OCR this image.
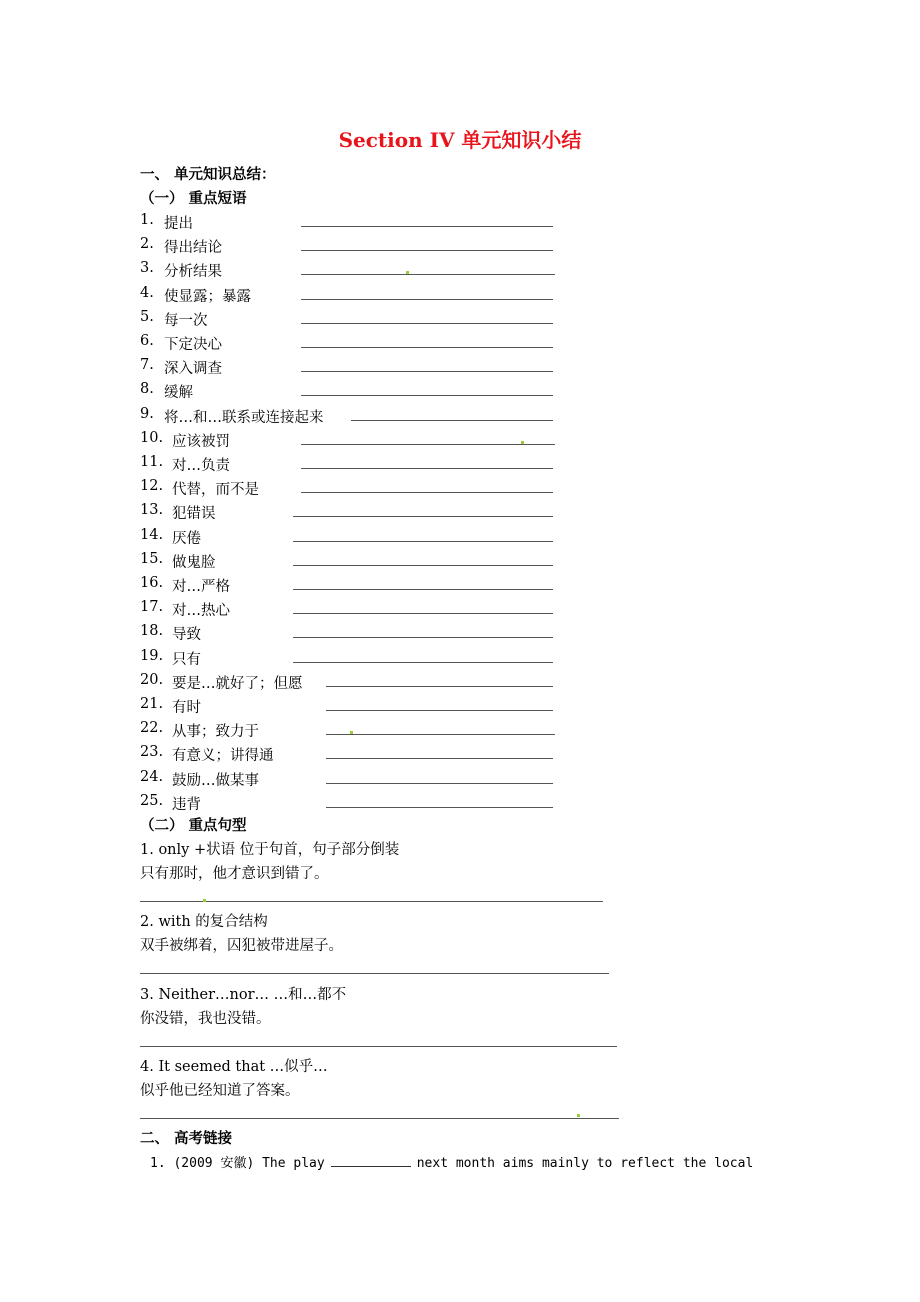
Section IV 单元知识小结
一、 单元知识总结：
（一） 重点短语
1. 提出
2. 得出结论
3. 分析结果
4. 使显露；暴露
5. 每一次
6. 下定决心
7. 深入调查
8. 缓解
9. 将…和…联系或连接起来
10. 应该被罚
11. 对…负责
12. 代替，而不是
13. 犯错误
14. 厌倦
15. 做鬼脸
16. 对…严格
17. 对…热心
18. 导致
19. 只有
20. 要是…就好了；但愿
21. 有时
22. 从事；致力于
23. 有意义；讲得通
24. 鼓励…做某事
25. 违背
（二） 重点句型
1. only +状语 位于句首，句子部分倒装
只有那时，他才意识到错了。
2. with 的复合结构
双手被绑着，囚犯被带进屋子。
3. Neither…nor… …和…都不
你没错，我也没错。
4. It seemed that …似乎…
似乎他已经知道了答案。
二、 高考链接
1. (2009 安徽) The play	next month aims mainly to reflect the local
